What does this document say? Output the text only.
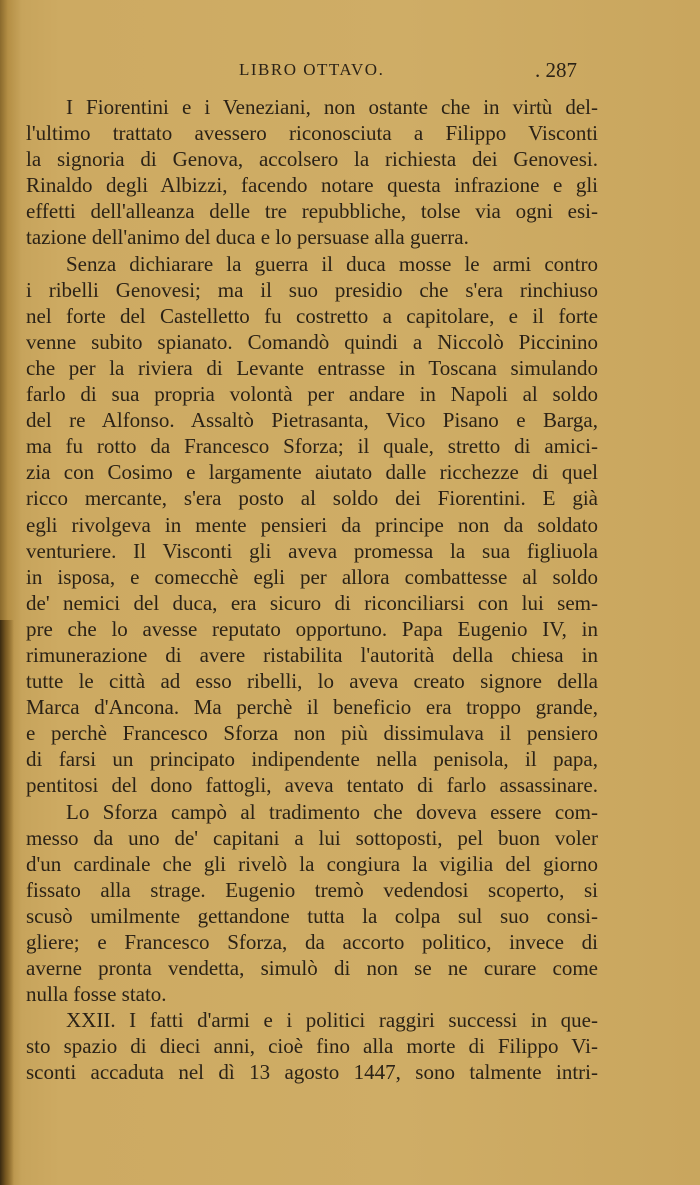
LIBRO OTTAVO.	. 287
I Fiorentini e i Veneziani, non ostante che in virtù del-
l'ultimo trattato avessero riconosciuta a Filippo Visconti
la signoria di Genova, accolsero la richiesta dei Genovesi.
Rinaldo degli Albizzi, facendo notare questa infrazione e gli
effetti dell'alleanza delle tre repubbliche, tolse via ogni esi-
tazione dell'animo del duca e lo persuase alla guerra.
Senza dichiarare la guerra il duca mosse le armi contro
i ribelli Genovesi; ma il suo presidio che s'era rinchiuso
nel forte del Castelletto fu costretto a capitolare, e il forte
venne subito spianato. Comandò quindi a Niccolò Piccinino
che per la riviera di Levante entrasse in Toscana simulando
farlo di sua propria volontà per andare in Napoli al soldo
del re Alfonso. Assaltò Pietrasanta, Vico Pisano e Barga,
ma fu rotto da Francesco Sforza; il quale, stretto di amici-
zia con Cosimo e largamente aiutato dalle ricchezze di quel
ricco mercante, s'era posto al soldo dei Fiorentini. E già
egli rivolgeva in mente pensieri da principe non da soldato
venturiere. Il Visconti gli aveva promessa la sua figliuola
in isposa, e comecchè egli per allora combattesse al soldo
de' nemici del duca, era sicuro di riconciliarsi con lui sem-
pre che lo avesse reputato opportuno. Papa Eugenio IV, in
rimunerazione di avere ristabilita l'autorità della chiesa in
tutte le città ad esso ribelli, lo aveva creato signore della
Marca d'Ancona. Ma perchè il beneficio era troppo grande,
e perchè Francesco Sforza non più dissimulava il pensiero
di farsi un principato indipendente nella penisola, il papa,
pentitosi del dono fattogli, aveva tentato di farlo assassinare.
Lo Sforza campò al tradimento che doveva essere com-
messo da uno de' capitani a lui sottoposti, pel buon voler
d'un cardinale che gli rivelò la congiura la vigilia del giorno
fissato alla strage. Eugenio tremò vedendosi scoperto, si
scusò umilmente gettandone tutta la colpa sul suo consi-
gliere; e Francesco Sforza, da accorto politico, invece di
averne pronta vendetta, simulò di non se ne curare come
nulla fosse stato.
XXII. I fatti d'armi e i politici raggiri successi in que-
sto spazio di dieci anni, cioè fino alla morte di Filippo Vi-
sconti accaduta nel dì 13 agosto 1447, sono talmente intri-
